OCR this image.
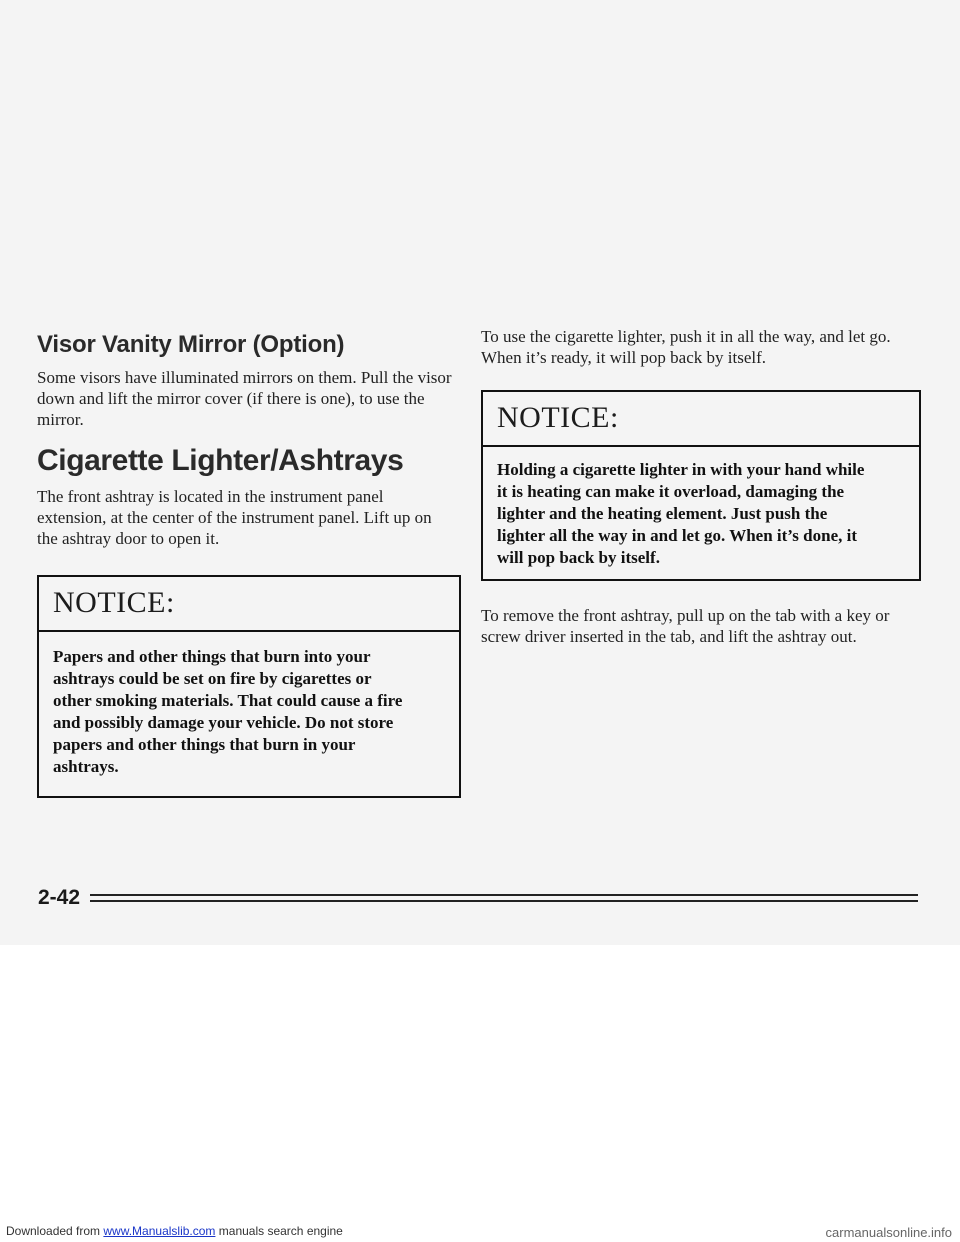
Visor Vanity Mirror (Option)

Some visors have illuminated mirrors on them. Pull the visor down and lift the mirror cover (if there is one), to use the mirror.

Cigarette Lighter/Ashtrays

The front ashtray is located in the instrument panel extension, at the center of the instrument panel. Lift up on the ashtray door to open it.

NOTICE:
Papers and other things that burn into your ashtrays could be set on fire by cigarettes or other smoking materials. That could cause a fire and possibly damage your vehicle. Do not store papers and other things that burn in your ashtrays.

To use the cigarette lighter, push it in all the way, and let go. When it’s ready, it will pop back by itself.

NOTICE:
Holding a cigarette lighter in with your hand while it is heating can make it overload, damaging the lighter and the heating element. Just push the lighter all the way in and let go. When it’s done, it will pop back by itself.

To remove the front ashtray, pull up on the tab with a key or screw driver inserted in the tab, and lift the ashtray out.

2-42
Downloaded from www.Manualslib.com manuals search engine	carmanualsonline.info
